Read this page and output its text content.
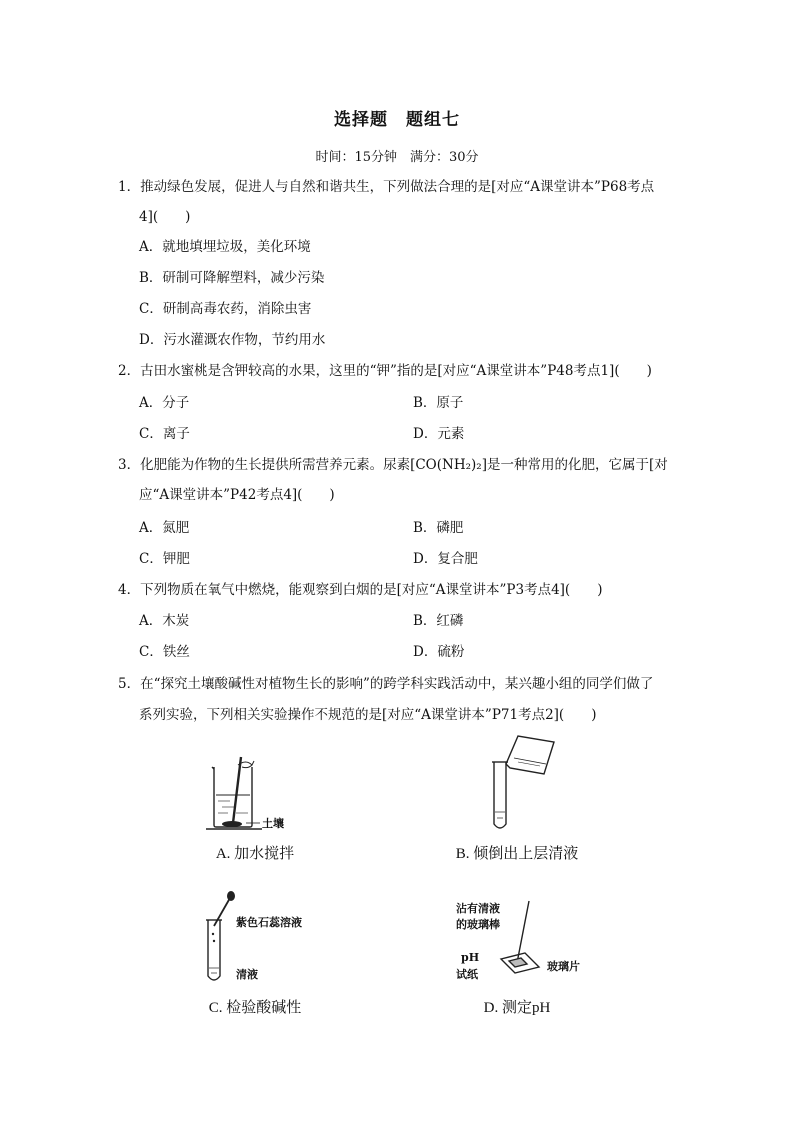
选择题　题组七
时间：15分钟　满分：30分
1．推动绿色发展，促进人与自然和谐共生，下列做法合理的是[对应“A课堂讲本”P68考点
4](　　)
A．就地填埋垃圾，美化环境
B．研制可降解塑料，减少污染
C．研制高毒农药，消除虫害
D．污水灌溉农作物，节约用水
2．古田水蜜桃是含钾较高的水果，这里的“钾”指的是[对应“A课堂讲本”P48考点1](　　)
A．分子	B．原子
C．离子	D．元素
3．化肥能为作物的生长提供所需营养元素。尿素[CO(NH₂)₂]是一种常用的化肥，它属于[对
应“A课堂讲本”P42考点4](　　)
A．氮肥	B．磷肥
C．钾肥	D．复合肥
4．下列物质在氧气中燃烧，能观察到白烟的是[对应“A课堂讲本”P3考点4](　　)
A．木炭	B．红磷
C．铁丝	D．硫粉
5．在“探究土壤酸碱性对植物生长的影响”的跨学科实践活动中，某兴趣小组的同学们做了
系列实验，下列相关实验操作不规范的是[对应“A课堂讲本”P71考点2](　　)
土壤
A. 加水搅拌	B. 倾倒出上层清液
紫色石蕊溶液
清液
C. 检验酸碱性
沾有清液
的玻璃棒
pH
试纸
玻璃片
D. 测定pH
